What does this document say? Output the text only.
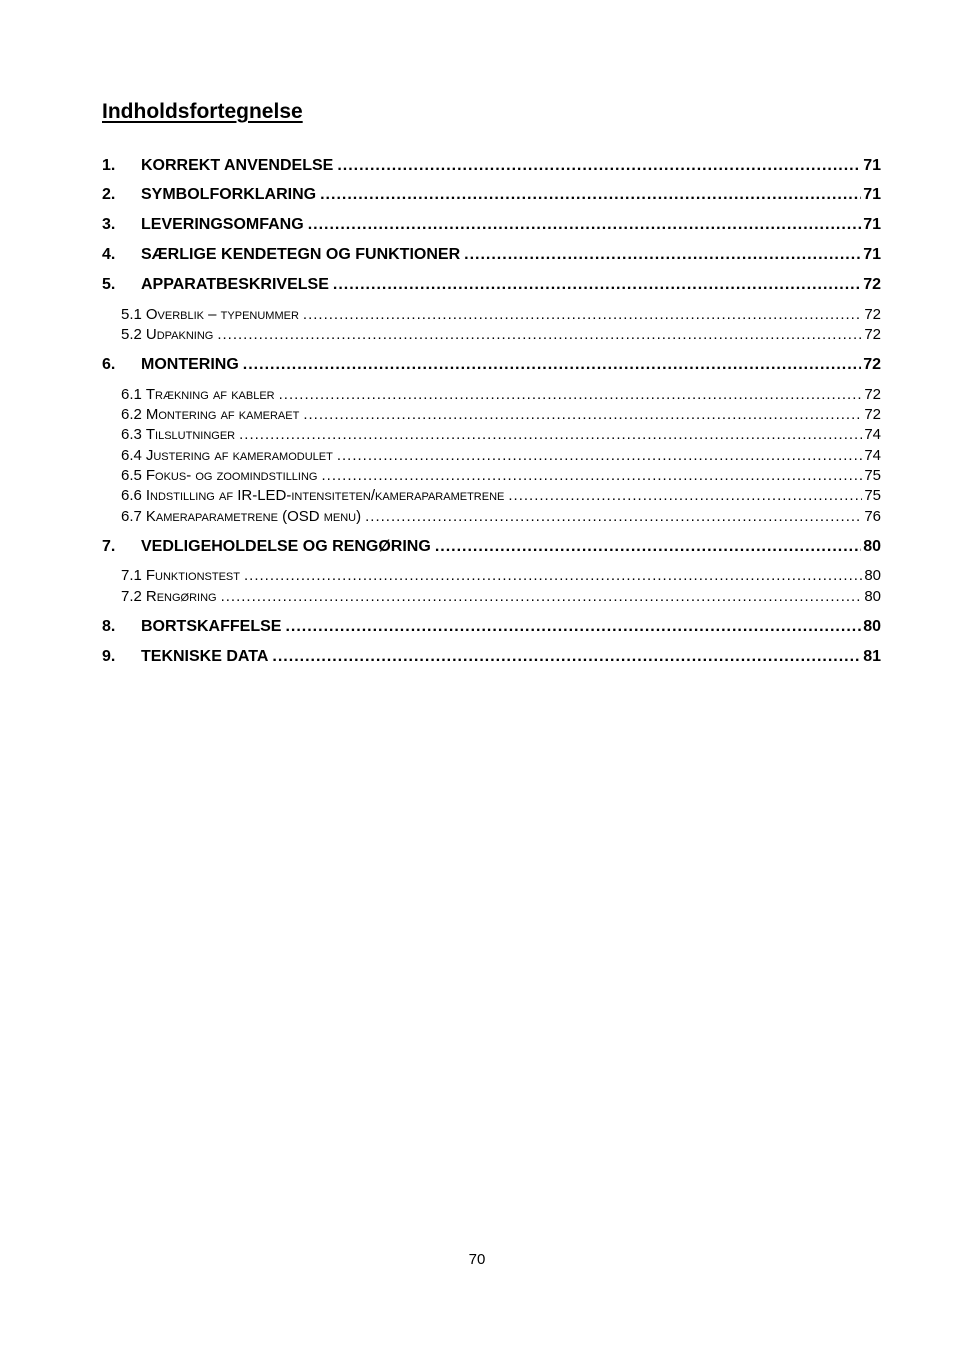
Indholdsfortegnelse
1.	KORREKT ANVENDELSE .....	71
2.	SYMBOLFORKLARING .....	71
3.	LEVERINGSOMFANG .....	71
4.	SÆRLIGE KENDETEGN OG FUNKTIONER .....	71
5.	APPARATBESKRIVELSE .....	72
5.1 Overblik – typenummer .....	72
5.2 Udpakning .....	72
6.	MONTERING .....	72
6.1 Trækning af kabler .....	72
6.2 Montering af kameraet .....	72
6.3 Tilslutninger .....	74
6.4 Justering af kameramodulet .....	74
6.5 Fokus- og zoomindstilling .....	75
6.6 Indstilling af IR-LED-intensiteten/kameraparametrene .....	75
6.7 Kameraparametrene (OSD menu) .....	76
7.	VEDLIGEHOLDELSE OG RENGØRING .....	80
7.1 Funktionstest .....	80
7.2 Rengøring .....	80
8.	BORTSKAFFELSE .....	80
9.	TEKNISKE DATA .....	81
70
